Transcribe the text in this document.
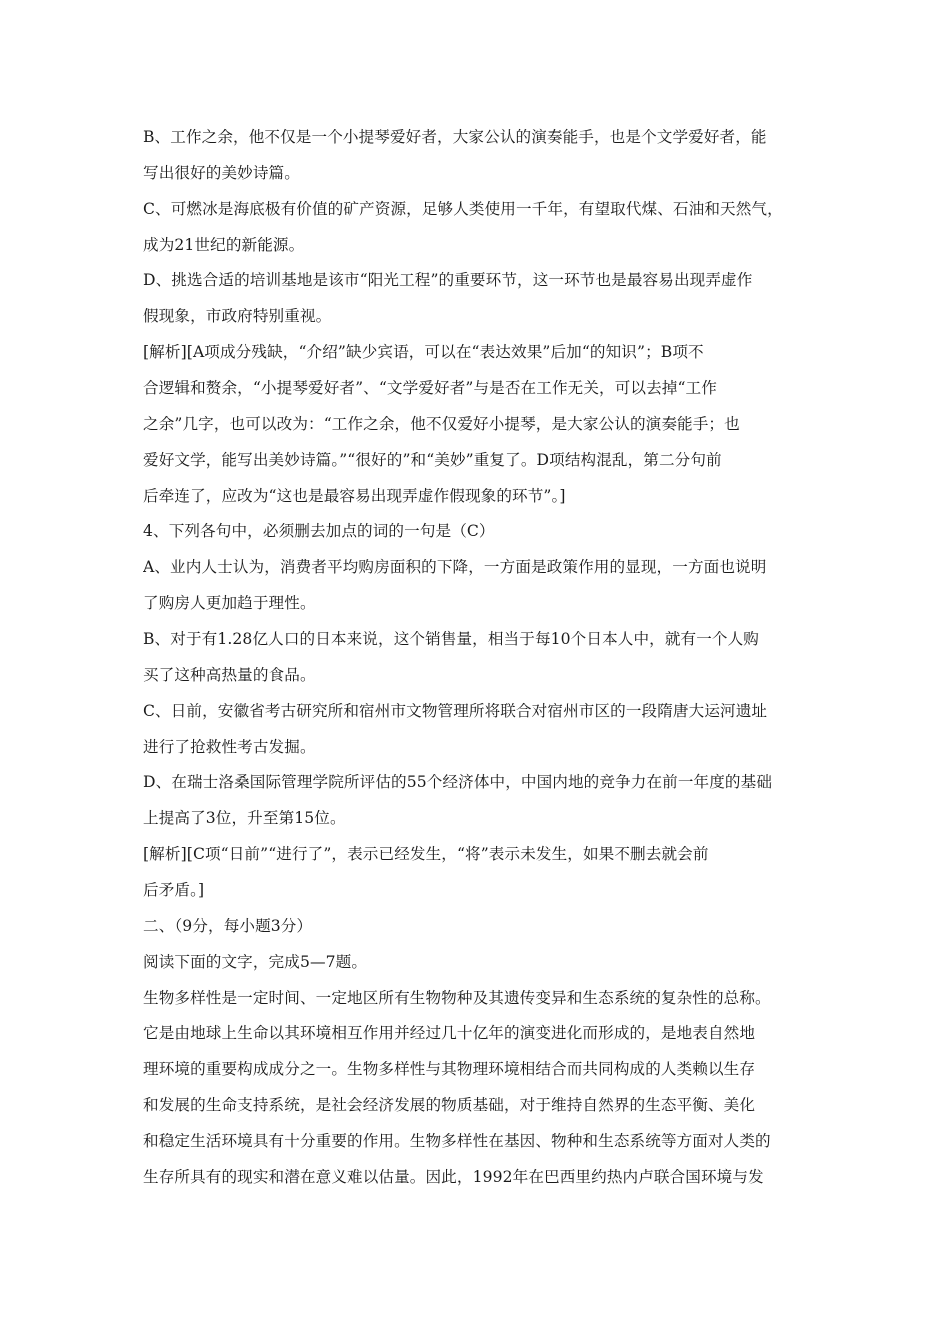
B、工作之余，他不仅是一个小提琴爱好者，大家公认的演奏能手，也是个文学爱好者，能
写出很好的美妙诗篇。
C、可燃冰是海底极有价值的矿产资源，足够人类使用一千年，有望取代煤、石油和天然气，
成为21世纪的新能源。
D、挑选合适的培训基地是该市“阳光工程”的重要环节，这一环节也是最容易出现弄虚作
假现象，市政府特别重视。
[解析][A项成分残缺，“介绍”缺少宾语，可以在“表达效果”后加“的知识”；B项不
合逻辑和赘余，“小提琴爱好者”、“文学爱好者”与是否在工作无关，可以去掉“工作
之余”几字，也可以改为：“工作之余，他不仅爱好小提琴，是大家公认的演奏能手；也
爱好文学，能写出美妙诗篇。”“很好的”和“美妙”重复了。D项结构混乱，第二分句前
后牵连了，应改为“这也是最容易出现弄虚作假现象的环节”。]
4、下列各句中，必须删去加点的词的一句是（C）
A、业内人士认为，消费者平均购房面积的下降，一方面是政策作用的显现，一方面也说明
了购房人更加趋于理性。
B、对于有1.28亿人口的日本来说，这个销售量，相当于每10个日本人中，就有一个人购
买了这种高热量的食品。
C、日前，安徽省考古研究所和宿州市文物管理所将联合对宿州市区的一段隋唐大运河遗址
进行了抢救性考古发掘。
D、在瑞士洛桑国际管理学院所评估的55个经济体中，中国内地的竞争力在前一年度的基础
上提高了3位，升至第15位。
[解析][C项“日前”“进行了”，表示已经发生，“将”表示未发生，如果不删去就会前
后矛盾。]
二、（9分，每小题3分）
阅读下面的文字，完成5—7题。
生物多样性是一定时间、一定地区所有生物物种及其遗传变异和生态系统的复杂性的总称。
它是由地球上生命以其环境相互作用并经过几十亿年的演变进化而形成的，是地表自然地
理环境的重要构成成分之一。生物多样性与其物理环境相结合而共同构成的人类赖以生存
和发展的生命支持系统，是社会经济发展的物质基础，对于维持自然界的生态平衡、美化
和稳定生活环境具有十分重要的作用。生物多样性在基因、物种和生态系统等方面对人类的
生存所具有的现实和潜在意义难以估量。因此，1992年在巴西里约热内卢联合国环境与发
